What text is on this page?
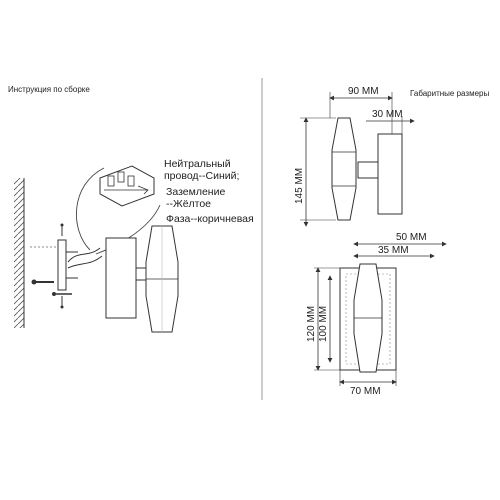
Инструкция по сборке	Габаритные размеры
Нейтральный
провод--Синий;
Заземление
--Жёлтое
Фаза--коричневая
90 ММ
30 ММ
145 ММ
50 ММ
35 ММ
120 ММ 100 ММ
70 ММ
